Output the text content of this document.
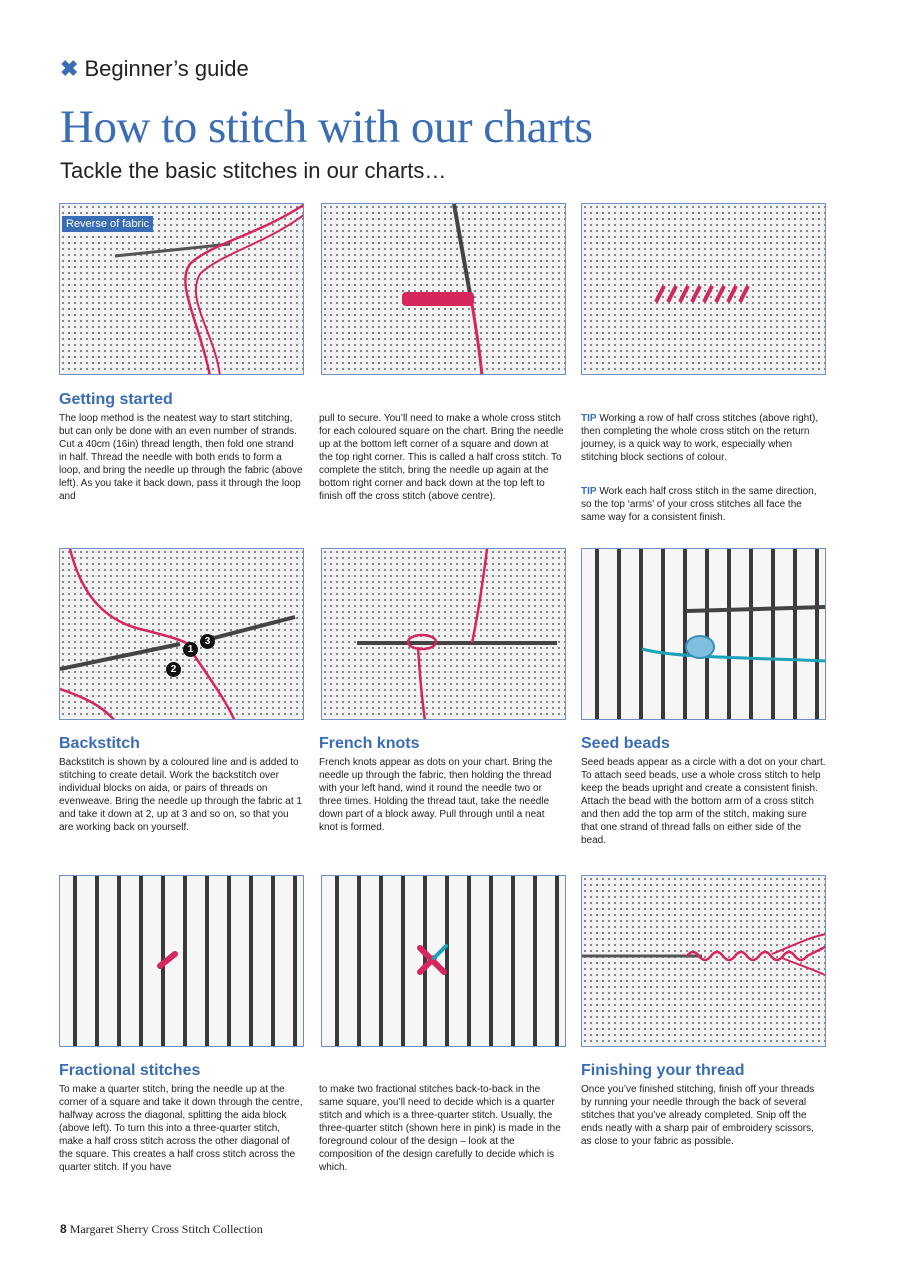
✖ Beginner’s guide
How to stitch with our charts
Tackle the basic stitches in our charts…
Reverse of fabric
Getting started
The loop method is the neatest way to start stitching, but can only be done with an even number of strands. Cut a 40cm (16in) thread length, then fold one strand in half. Thread the needle with both ends to form a loop, and bring the needle up through the fabric (above left). As you take it back down, pass it through the loop and
pull to secure. You’ll need to make a whole cross stitch for each coloured square on the chart. Bring the needle up at the bottom left corner of a square and down at the top right corner. This is called a half cross stitch. To complete the stitch, bring the needle up again at the bottom right corner and back down at the top left to finish off the cross stitch (above centre).
TIP Working a row of half cross stitches (above right), then completing the whole cross stitch on the return journey, is a quick way to work, especially when stitching block sections of colour.
TIP Work each half cross stitch in the same direction, so the top ‘arms’ of your cross stitches all face the same way for a consistent finish.
1
2
3
Backstitch
Backstitch is shown by a coloured line and is added to stitching to create detail. Work the backstitch over individual blocks on aida, or pairs of threads on evenweave. Bring the needle up through the fabric at 1 and take it down at 2, up at 3 and so on, so that you are working back on yourself.
French knots
French knots appear as dots on your chart. Bring the needle up through the fabric, then holding the thread with your left hand, wind it round the needle two or three times. Holding the thread taut, take the needle down part of a block away. Pull through until a neat knot is formed.
Seed beads
Seed beads appear as a circle with a dot on your chart. To attach seed beads, use a whole cross stitch to help keep the beads upright and create a consistent finish. Attach the bead with the bottom arm of a cross stitch and then add the top arm of the stitch, making sure that one strand of thread falls on either side of the bead.
Fractional stitches
To make a quarter stitch, bring the needle up at the corner of a square and take it down through the centre, halfway across the diagonal, splitting the aida block (above left). To turn this into a three-quarter stitch, make a half cross stitch across the other diagonal of the square. This creates a half cross stitch across the quarter stitch. If you have
to make two fractional stitches back-to-back in the same square, you’ll need to decide which is a quarter stitch and which is a three-quarter stitch. Usually, the three-quarter stitch (shown here in pink) is made in the foreground colour of the design – look at the composition of the design carefully to decide which is which.
Finishing your thread
Once you’ve finished stitching, finish off your threads by running your needle through the back of several stitches that you’ve already completed. Snip off the ends neatly with a sharp pair of embroidery scissors, as close to your fabric as possible.
8 Margaret Sherry Cross Stitch Collection
